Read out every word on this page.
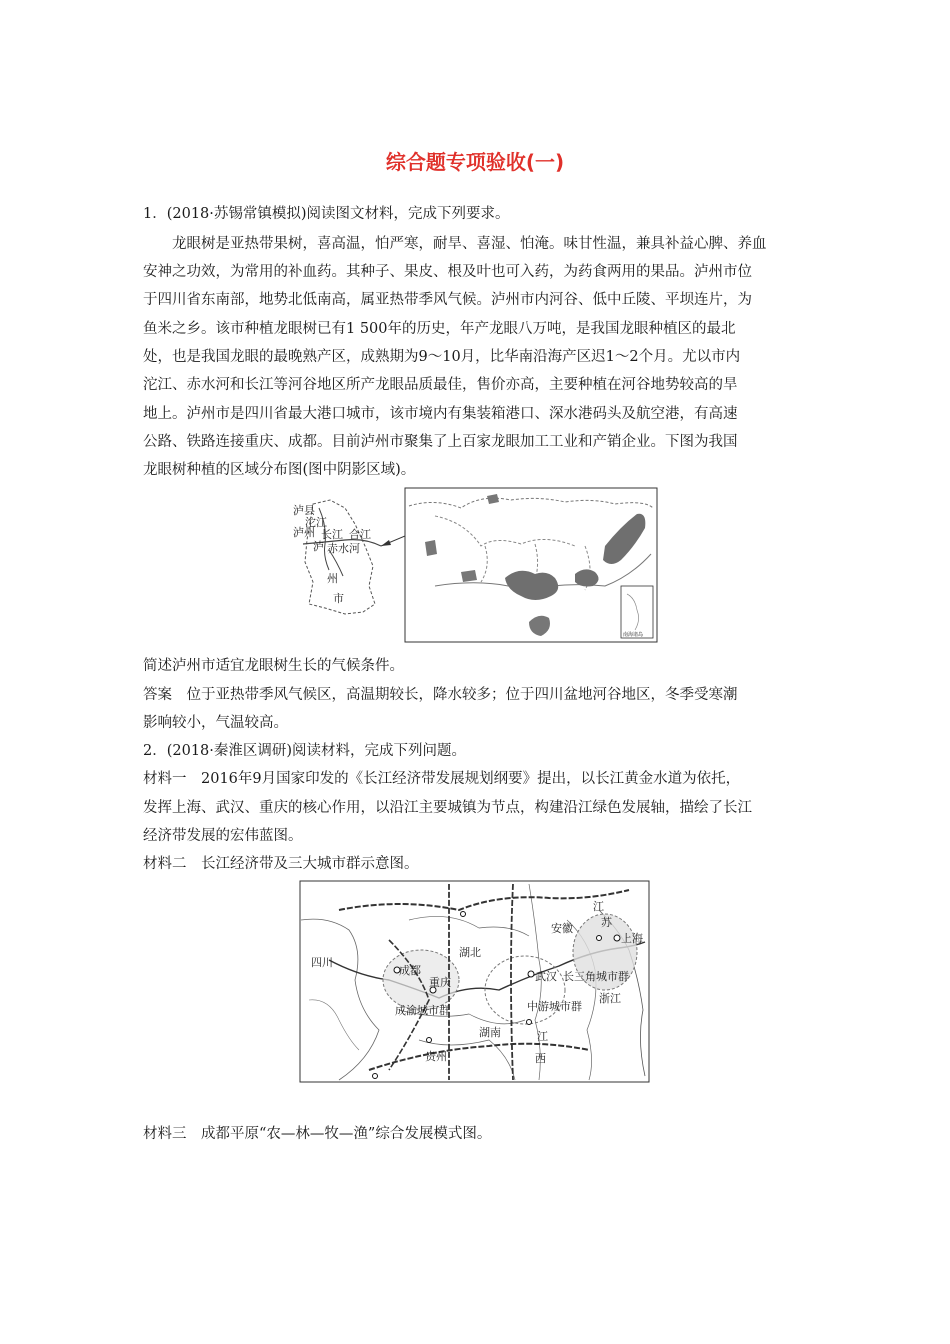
综合题专项验收(一)
1．(2018·苏锡常镇模拟)阅读图文材料，完成下列要求。
龙眼树是亚热带果树，喜高温，怕严寒，耐旱、喜湿、怕淹。味甘性温，兼具补益心脾、养血
安神之功效，为常用的补血药。其种子、果皮、根及叶也可入药，为药食两用的果品。泸州市位
于四川省东南部，地势北低南高，属亚热带季风气候。泸州市内河谷、低中丘陵、平坝连片，为
鱼米之乡。该市种植龙眼树已有1 500年的历史，年产龙眼八万吨，是我国龙眼种植区的最北
处，也是我国龙眼的最晚熟产区，成熟期为9～10月，比华南沿海产区迟1～2个月。尤以市内
沱江、赤水河和长江等河谷地区所产龙眼品质最佳，售价亦高，主要种植在河谷地势较高的旱
地上。泸州市是四川省最大港口城市，该市境内有集装箱港口、深水港码头及航空港，有高速
公路、铁路连接重庆、成都。目前泸州市聚集了上百家龙眼加工工业和产销企业。下图为我国
龙眼树种植的区域分布图(图中阴影区域)。
泸县
沱江
泸州 长江 合江
泸 赤水河
州
市
南海诸岛
简述泸州市适宜龙眼树生长的气候条件。
答案　位于亚热带季风气候区，高温期较长，降水较多；位于四川盆地河谷地区，冬季受寒潮
影响较小，气温较高。
2．(2018·秦淮区调研)阅读材料，完成下列问题。
材料一　2016年9月国家印发的《长江经济带发展规划纲要》提出，以长江黄金水道为依托，
发挥上海、武汉、重庆的核心作用，以沿江主要城镇为节点，构建沿江绿色发展轴，描绘了长江
经济带发展的宏伟蓝图。
材料二　长江经济带及三大城市群示意图。
四川
湖北
安徽
江
苏
上海
成都
重庆	武汉 长三角城市群
浙江
成渝城市群	中游城市群
湖南
贵州
江
西
材料三　成都平原“农—林—牧—渔”综合发展模式图。
